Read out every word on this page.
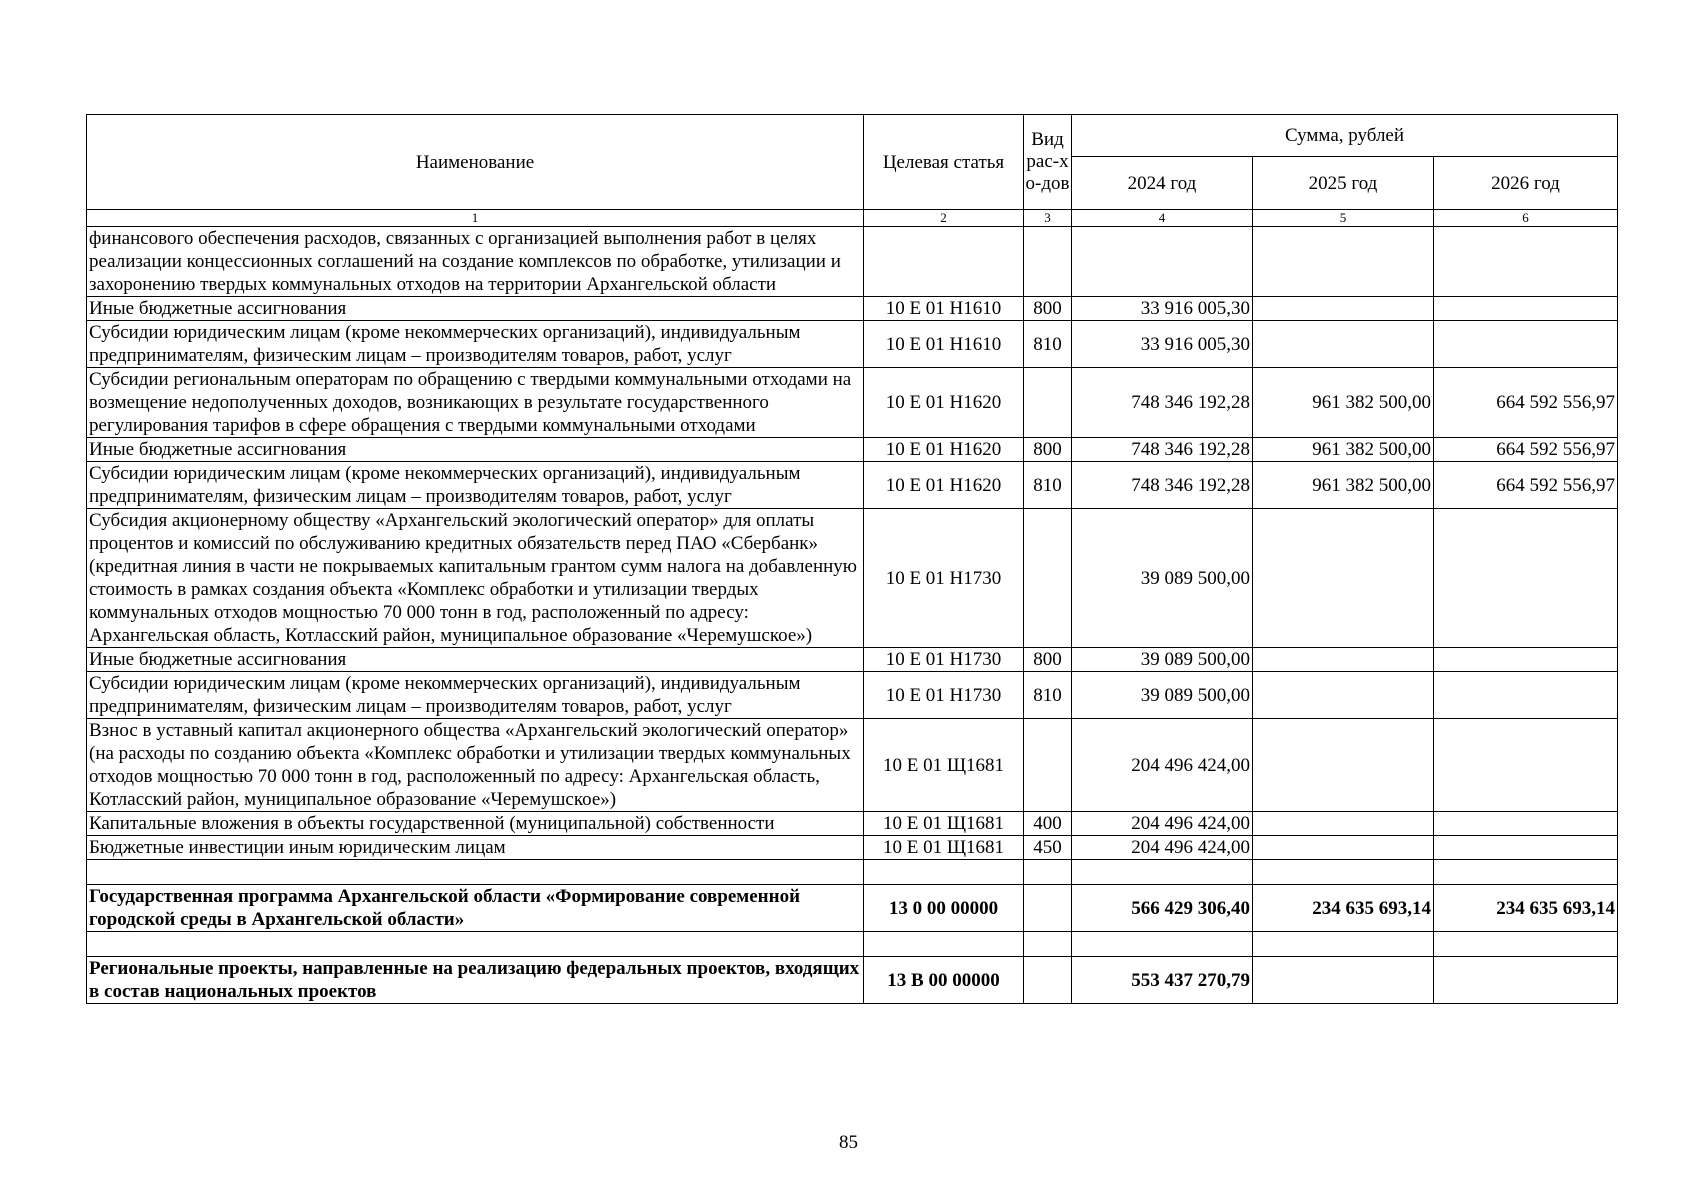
Наименование	Целевая статья	Вид рас-хо-дов	Сумма, рублей		
			2024 год	2025 год	2026 год
1	2	3	4	5	6
финансового обеспечения расходов, связанных с организацией выполнения работ в целях реализации концессионных соглашений на создание комплексов по обработке, утилизации и захоронению твердых коммунальных отходов на территории Архангельской области					
Иные бюджетные ассигнования	10 Е 01 Н1610	800	33 916 005,30		
Субсидии юридическим лицам (кроме некоммерческих организаций), индивидуальным предпринимателям, физическим лицам – производителям товаров, работ, услуг	10 Е 01 Н1610	810	33 916 005,30		
Субсидии региональным операторам по обращению с твердыми коммунальными отходами на возмещение недополученных доходов, возникающих в результате государственного регулирования тарифов в сфере обращения с твердыми коммунальными отходами	10 Е 01 Н1620		748 346 192,28	961 382 500,00	664 592 556,97
Иные бюджетные ассигнования	10 Е 01 Н1620	800	748 346 192,28	961 382 500,00	664 592 556,97
Субсидии юридическим лицам (кроме некоммерческих организаций), индивидуальным предпринимателям, физическим лицам – производителям товаров, работ, услуг	10 Е 01 Н1620	810	748 346 192,28	961 382 500,00	664 592 556,97
Субсидия акционерному обществу «Архангельский экологический оператор» для оплаты процентов и комиссий по обслуживанию кредитных обязательств перед ПАО «Сбербанк» (кредитная линия в части не покрываемых капитальным грантом сумм налога на добавленную стоимость в рамках создания объекта «Комплекс обработки и утилизации твердых коммунальных отходов мощностью 70 000 тонн в год, расположенный по адресу: Архангельская область, Котласский район, муниципальное образование «Черемушское»)	10 Е 01 Н1730		39 089 500,00		
Иные бюджетные ассигнования	10 Е 01 Н1730	800	39 089 500,00		
Субсидии юридическим лицам (кроме некоммерческих организаций), индивидуальным предпринимателям, физическим лицам – производителям товаров, работ, услуг	10 Е 01 Н1730	810	39 089 500,00		
Взнос в уставный капитал акционерного общества «Архангельский экологический оператор» (на расходы по созданию объекта «Комплекс обработки и утилизации твердых коммунальных отходов мощностью 70 000 тонн в год, расположенный по адресу: Архангельская область, Котласский район, муниципальное образование «Черемушское»)	10 Е 01 Щ1681		204 496 424,00		
Капитальные вложения в объекты государственной (муниципальной) собственности	10 Е 01 Щ1681	400	204 496 424,00		
Бюджетные инвестиции иным юридическим лицам	10 Е 01 Щ1681	450	204 496 424,00		

Государственная программа Архангельской области «Формирование современной городской среды в Архангельской области»	13 0 00 00000		566 429 306,40	234 635 693,14	234 635 693,14

Региональные проекты, направленные на реализацию федеральных проектов, входящих в состав национальных проектов	13 В 00 00000		553 437 270,79		
85
